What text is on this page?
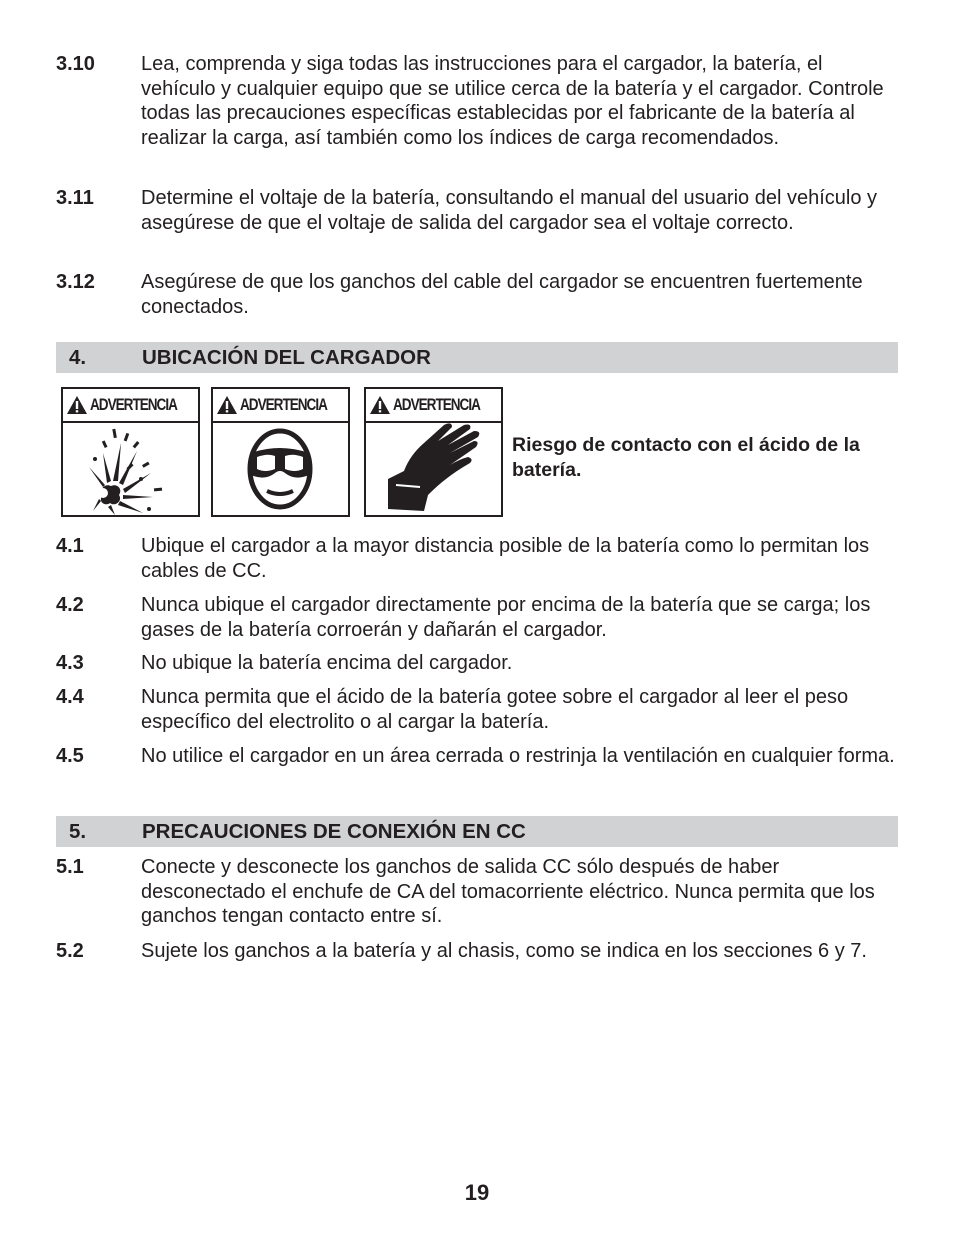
3.10 Lea, comprenda y siga todas las instrucciones para el cargador, la batería, el vehículo y cualquier equipo que se utilice cerca de la batería y el cargador. Controle todas las precauciones específicas establecidas por el fabricante de la batería al realizar la carga, así también como los índices de carga recomendados.
3.11 Determine el voltaje de la batería, consultando el manual del usuario del vehículo y asegúrese de que el voltaje de salida del cargador sea el voltaje correcto.
3.12 Asegúrese de que los ganchos del cable del cargador se encuentren fuertemente conectados.
4.	UBICACIÓN DEL CARGADOR
ADVERTENCIA	ADVERTENCIA	ADVERTENCIA
Riesgo de contacto con el ácido de la batería.
4.1	Ubique el cargador a la mayor distancia posible de la batería como lo permitan los cables de CC.
4.2	Nunca ubique el cargador directamente por encima de la batería que se carga; los gases de la batería corroerán y dañarán el cargador.
4.3	No ubique la batería encima del cargador.
4.4	Nunca permita que el ácido de la batería gotee sobre el cargador al leer el peso específico del electrolito o al cargar la batería.
4.5	No utilice el cargador en un área cerrada o restrinja la ventilación en cualquier forma.
5.	PRECAUCIONES DE CONEXIÓN EN CC
5.1	Conecte y desconecte los ganchos de salida CC sólo después de haber desconectado el enchufe de CA del tomacorriente eléctrico. Nunca permita que los ganchos tengan contacto entre sí.
5.2	Sujete los ganchos a la batería y al chasis, como se indica en los secciones 6 y 7.
19
